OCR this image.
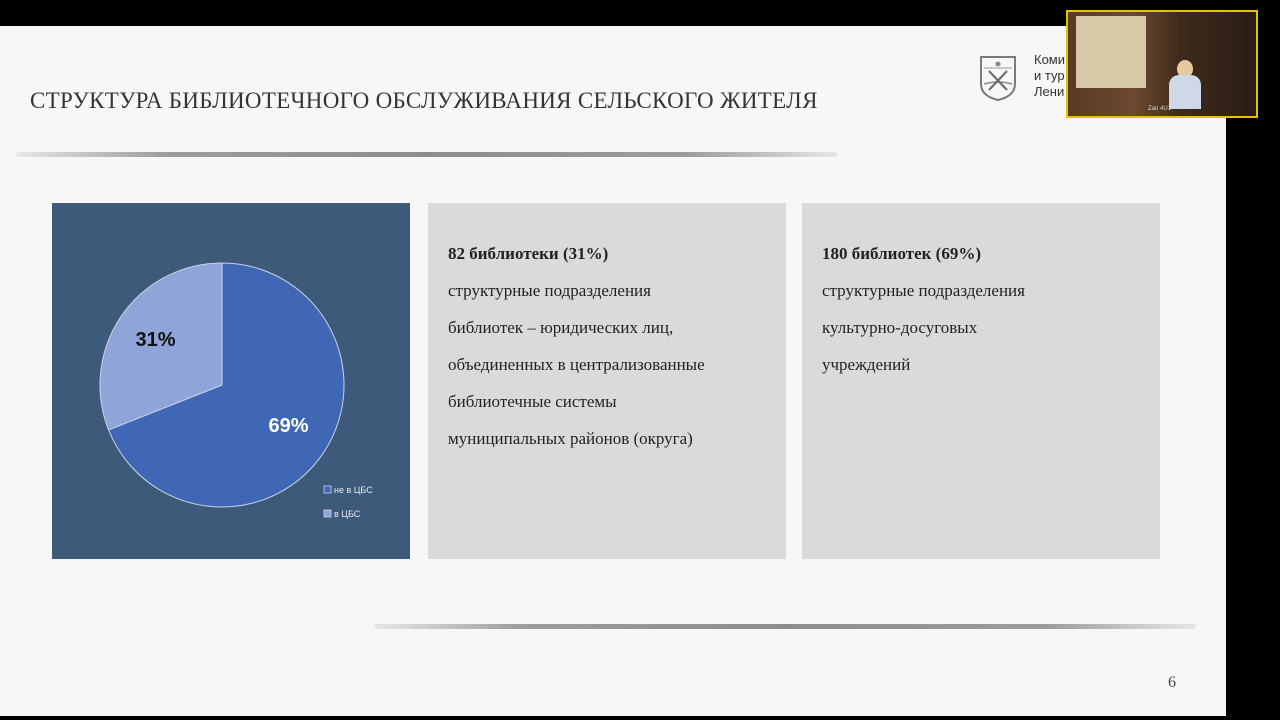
СТРУКТУРА БИБЛИОТЕЧНОГО ОБСЛУЖИВАНИЯ СЕЛЬСКОГО ЖИТЕЛЯ
Коми
и тур
Лени
69%
31%
не в ЦБС
в ЦБС
82 библиотеки (31%)
структурные подразделения
библиотек – юридических лиц,
объединенных в централизованные
библиотечные системы
муниципальных районов (округа)
180 библиотек (69%)
структурные подразделения
культурно-досуговых
учреждений
6
Zan 4U1
